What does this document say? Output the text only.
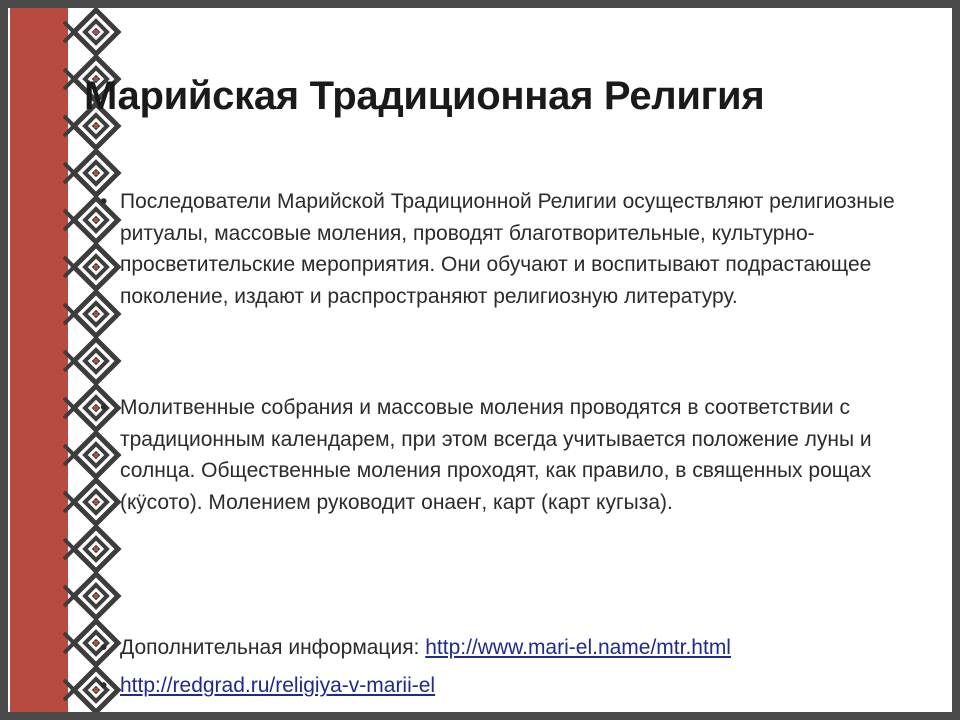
Марийская Традиционная Религия
• Последователи Марийской Традиционной Религии осуществляют религиозные ритуалы, массовые моления, проводят благотворительные, культурно-просветительские мероприятия. Они обучают и воспитывают подрастающее поколение, издают и распространяют религиозную литературу.
• Молитвенные собрания и массовые моления проводятся в соответствии с традиционным календарем, при этом всегда учитывается положение луны и солнца. Общественные моления проходят, как правило, в священных рощах (кӱсото). Молением руководит онаеҥ, карт (карт кугыза).
• Дополнительная информация: http://www.mari-el.name/mtr.html
• http://redgrad.ru/religiya-v-marii-el
